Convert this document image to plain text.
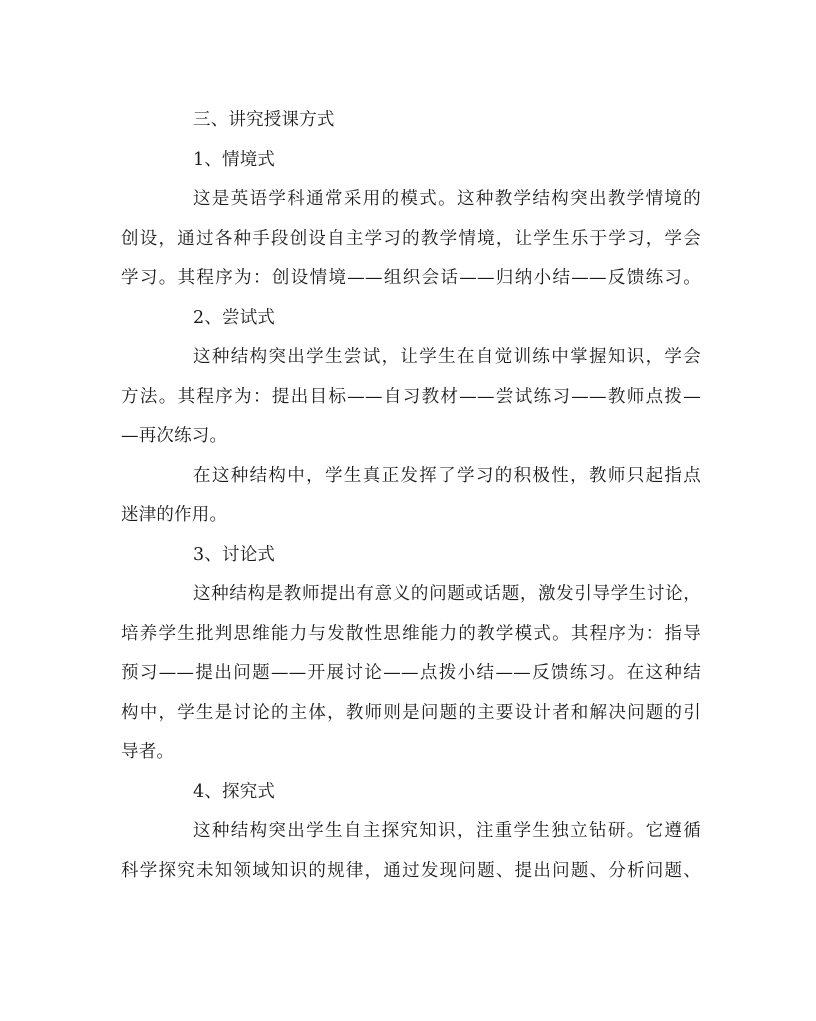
三、讲究授课方式
1、情境式
这是英语学科通常采用的模式。这种教学结构突出教学情境的
创设，通过各种手段创设自主学习的教学情境，让学生乐于学习，学会
学习。其程序为：创设情境——组织会话——归纳小结——反馈练习。
2、尝试式
这种结构突出学生尝试，让学生在自觉训练中掌握知识，学会
方法。其程序为：提出目标——自习教材——尝试练习——教师点拨—
—再次练习。
在这种结构中，学生真正发挥了学习的积极性，教师只起指点
迷津的作用。
3、讨论式
这种结构是教师提出有意义的问题或话题，激发引导学生讨论，
培养学生批判思维能力与发散性思维能力的教学模式。其程序为：指导
预习——提出问题——开展讨论——点拨小结——反馈练习。在这种结
构中，学生是讨论的主体，教师则是问题的主要设计者和解决问题的引
导者。
4、探究式
这种结构突出学生自主探究知识，注重学生独立钻研。它遵循
科学探究未知领域知识的规律，通过发现问题、提出问题、分析问题、
